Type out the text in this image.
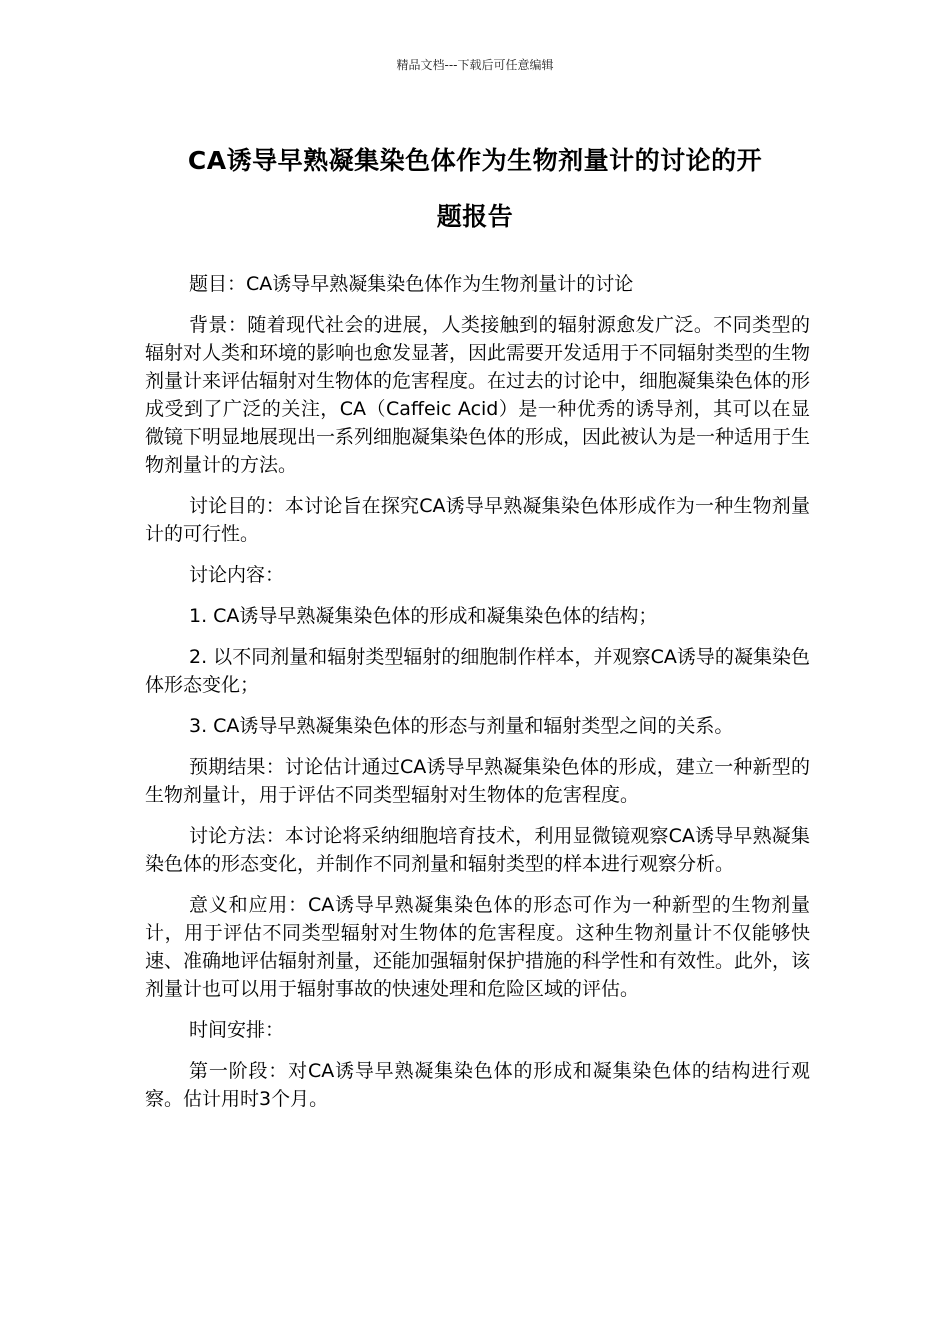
精品文档---下载后可任意编辑
CA诱导早熟凝集染色体作为生物剂量计的讨论的开
题报告

题目：CA诱导早熟凝集染色体作为生物剂量计的讨论

背景：随着现代社会的进展，人类接触到的辐射源愈发广泛。不同类型的辐射对人类和环境的影响也愈发显著，因此需要开发适用于不同辐射类型的生物剂量计来评估辐射对生物体的危害程度。在过去的讨论中，细胞凝集染色体的形成受到了广泛的关注，CA（Caffeic Acid）是一种优秀的诱导剂，其可以在显微镜下明显地展现出一系列细胞凝集染色体的形成，因此被认为是一种适用于生物剂量计的方法。

讨论目的：本讨论旨在探究CA诱导早熟凝集染色体形成作为一种生物剂量计的可行性。

讨论内容：

1. CA诱导早熟凝集染色体的形成和凝集染色体的结构；

2. 以不同剂量和辐射类型辐射的细胞制作样本，并观察CA诱导的凝集染色体形态变化；

3. CA诱导早熟凝集染色体的形态与剂量和辐射类型之间的关系。

预期结果：讨论估计通过CA诱导早熟凝集染色体的形成，建立一种新型的生物剂量计，用于评估不同类型辐射对生物体的危害程度。

讨论方法：本讨论将采纳细胞培育技术，利用显微镜观察CA诱导早熟凝集染色体的形态变化，并制作不同剂量和辐射类型的样本进行观察分析。

意义和应用：CA诱导早熟凝集染色体的形态可作为一种新型的生物剂量计，用于评估不同类型辐射对生物体的危害程度。这种生物剂量计不仅能够快速、准确地评估辐射剂量，还能加强辐射保护措施的科学性和有效性。此外，该剂量计也可以用于辐射事故的快速处理和危险区域的评估。

时间安排：

第一阶段：对CA诱导早熟凝集染色体的形成和凝集染色体的结构进行观察。估计用时3个月。
